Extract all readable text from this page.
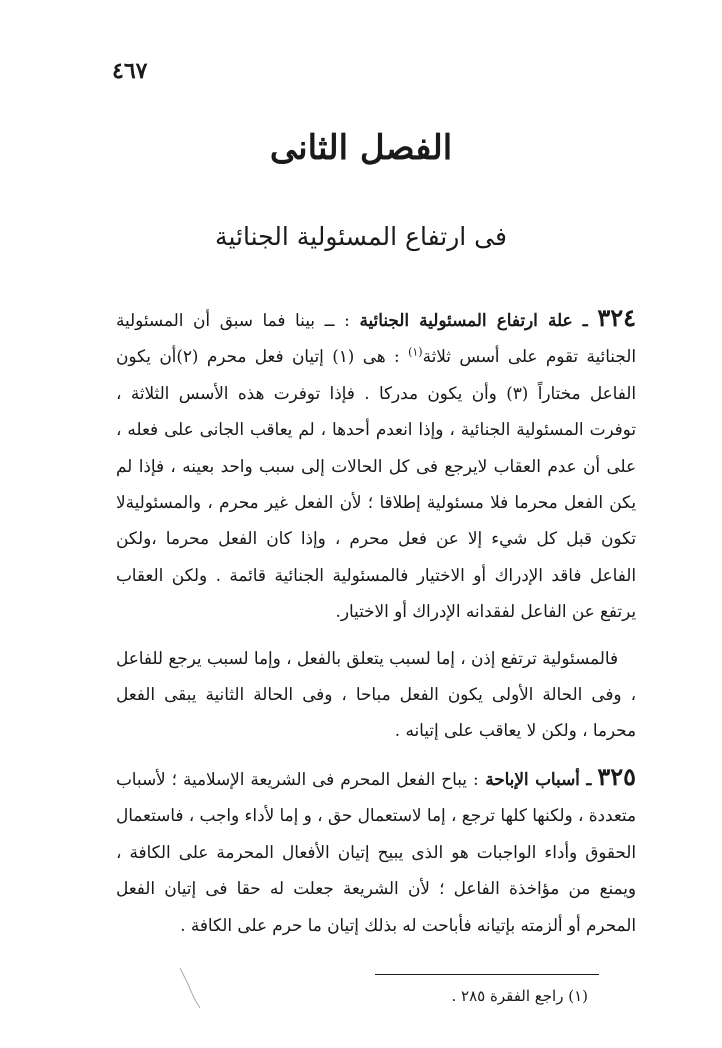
٤٦٧
الفصل الثانى
فى ارتفاع المسئولية الجنائية

٣٢٤ ـ علة ارتفاع المسئولية الجنائية : ــ بينا فما سبق أن المسئولية الجنائية تقوم على أسس ثلاثة$^{(١)}$ : هى (١) إتيان فعل محرم (٢)أن يكون الفاعل مختاراً (٣) وأن يكون مدركا . فإذا توفرت هذه الأسس الثلاثة ، توفرت المسئولية الجنائية ، وإذا انعدم أحدها ، لم يعاقب الجانى على فعله ، على أن عدم العقاب لايرجع فى كل الحالات إلى سبب واحد بعينه ، فإذا لم يكن الفعل محرما فلا مسئولية إطلاقا ؛ لأن الفعل غير محرم ، والمسئوليةلا تكون قبل كل شيء إلا عن فعل محرم ، وإذا كان الفعل محرما ،ولكن الفاعل فاقد الإدراك أو الاختيار فالمسئولية الجنائية قائمة . ولكن العقاب يرتفع عن الفاعل لفقدانه الإدراك أو الاختيار.

فالمسئولية ترتفع إذن ، إما لسبب يتعلق بالفعل ، وإما لسبب يرجع للفاعل ، وفى الحالة الأولى يكون الفعل مباحا ، وفى الحالة الثانية يبقى الفعل محرما ، ولكن لا يعاقب على إتيانه .

٣٢٥ ـ أسباب الإباحة : يباح الفعل المحرم فى الشريعة الإسلامية ؛ لأسباب متعددة ، ولكنها كلها ترجع ، إما لاستعمال حق ، و إما لأداء واجب ، فاستعمال الحقوق وأداء الواجبات هو الذى يبيح إتيان الأفعال المحرمة على الكافة ، ويمنع من مؤاخذة الفاعل ؛ لأن الشريعة جعلت له حقا فى إتيان الفعل المحرم أو ألزمته بإتيانه فأباحت له بذلك إتيان ما حرم على الكافة .

(١) راجع الفقرة ٢٨٥ .
